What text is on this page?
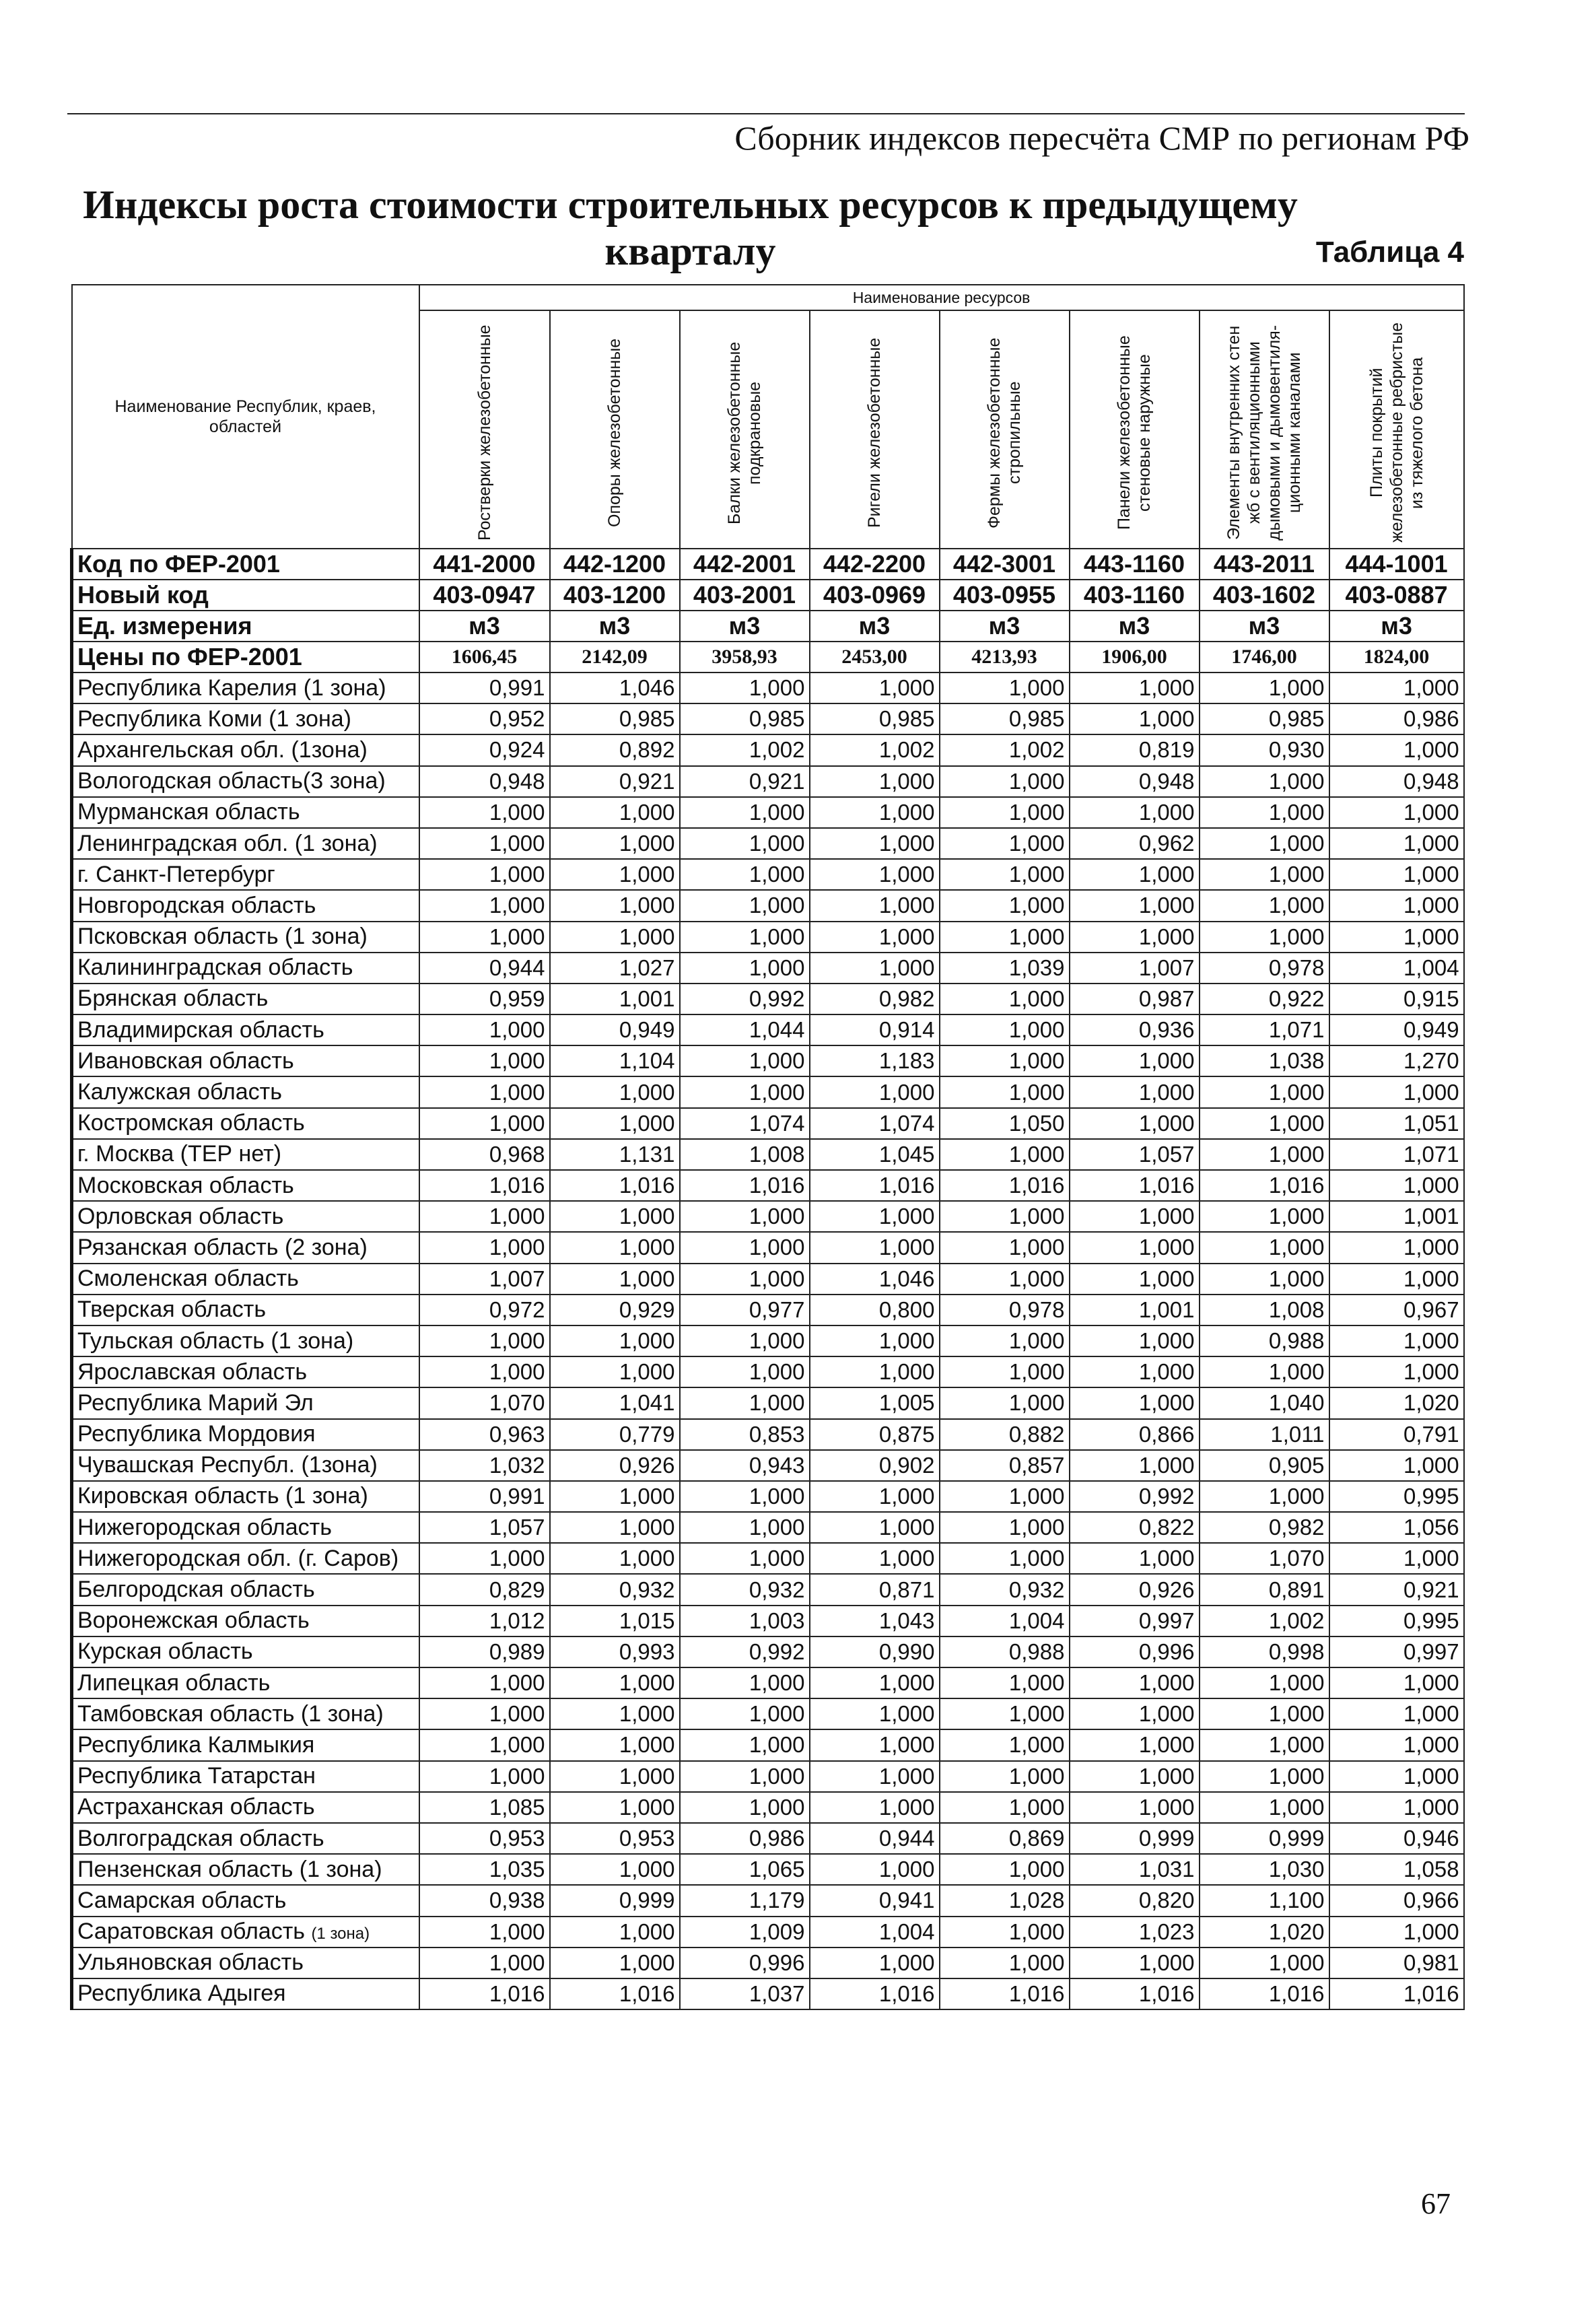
Сборник индексов пересчёта СМР по регионам РФ
Индексы роста стоимости строительных ресурсов к предыдущему кварталу	Таблица 4
Наименование Республик, краев, областей	Наименование ресурсов							

	Ростверки железобетонные	Опоры железобетонные	Балки железобетонные подкрановые	Ригели железобетонные	Фермы железобетонные стропильные	Панели железобетонные стеновые наружные	Элементы внутренних стен жб с вентиляционными дымовыми и дымовентиля-ционными каналами	Плиты покрытий железобетонные ребристые из тяжелого бетона

Код по ФЕР-2001	441-2000	442-1200	442-2001	442-2200	442-3001	443-1160	443-2011	444-1001
Новый код	403-0947	403-1200	403-2001	403-0969	403-0955	403-1160	403-1602	403-0887
Ед. измерения	м3	м3	м3	м3	м3	м3	м3	м3
Цены по ФЕР-2001	1606,45	2142,09	3958,93	2453,00	4213,93	1906,00	1746,00	1824,00
Республика Карелия (1 зона)	0,991	1,046	1,000	1,000	1,000	1,000	1,000	1,000
Республика Коми (1 зона)	0,952	0,985	0,985	0,985	0,985	1,000	0,985	0,986
Архангельская обл. (1зона)	0,924	0,892	1,002	1,002	1,002	0,819	0,930	1,000
Вологодская область(3 зона)	0,948	0,921	0,921	1,000	1,000	0,948	1,000	0,948
Мурманская область	1,000	1,000	1,000	1,000	1,000	1,000	1,000	1,000
Ленинградская обл. (1 зона)	1,000	1,000	1,000	1,000	1,000	0,962	1,000	1,000
г. Санкт-Петербург	1,000	1,000	1,000	1,000	1,000	1,000	1,000	1,000
Новгородская область	1,000	1,000	1,000	1,000	1,000	1,000	1,000	1,000
Псковская область (1 зона)	1,000	1,000	1,000	1,000	1,000	1,000	1,000	1,000
Калининградская область	0,944	1,027	1,000	1,000	1,039	1,007	0,978	1,004
Брянская область	0,959	1,001	0,992	0,982	1,000	0,987	0,922	0,915
Владимирская область	1,000	0,949	1,044	0,914	1,000	0,936	1,071	0,949
Ивановская область	1,000	1,104	1,000	1,183	1,000	1,000	1,038	1,270
Калужская область	1,000	1,000	1,000	1,000	1,000	1,000	1,000	1,000
Костромская область	1,000	1,000	1,074	1,074	1,050	1,000	1,000	1,051
г. Москва (ТЕР нет)	0,968	1,131	1,008	1,045	1,000	1,057	1,000	1,071
Московская область	1,016	1,016	1,016	1,016	1,016	1,016	1,016	1,000
Орловская область	1,000	1,000	1,000	1,000	1,000	1,000	1,000	1,001
Рязанская область (2 зона)	1,000	1,000	1,000	1,000	1,000	1,000	1,000	1,000
Смоленская область	1,007	1,000	1,000	1,046	1,000	1,000	1,000	1,000
Тверская область	0,972	0,929	0,977	0,800	0,978	1,001	1,008	0,967
Тульская область (1 зона)	1,000	1,000	1,000	1,000	1,000	1,000	0,988	1,000
Ярославская область	1,000	1,000	1,000	1,000	1,000	1,000	1,000	1,000
Республика Марий Эл	1,070	1,041	1,000	1,005	1,000	1,000	1,040	1,020
Республика Мордовия	0,963	0,779	0,853	0,875	0,882	0,866	1,011	0,791
Чувашская Республ. (1зона)	1,032	0,926	0,943	0,902	0,857	1,000	0,905	1,000
Кировская область (1 зона)	0,991	1,000	1,000	1,000	1,000	0,992	1,000	0,995
Нижегородская область	1,057	1,000	1,000	1,000	1,000	0,822	0,982	1,056
Нижегородская обл. (г. Саров)	1,000	1,000	1,000	1,000	1,000	1,000	1,070	1,000
Белгородская область	0,829	0,932	0,932	0,871	0,932	0,926	0,891	0,921
Воронежская область	1,012	1,015	1,003	1,043	1,004	0,997	1,002	0,995
Курская область	0,989	0,993	0,992	0,990	0,988	0,996	0,998	0,997
Липецкая область	1,000	1,000	1,000	1,000	1,000	1,000	1,000	1,000
Тамбовская область (1 зона)	1,000	1,000	1,000	1,000	1,000	1,000	1,000	1,000
Республика Калмыкия	1,000	1,000	1,000	1,000	1,000	1,000	1,000	1,000
Республика Татарстан	1,000	1,000	1,000	1,000	1,000	1,000	1,000	1,000
Астраханская область	1,085	1,000	1,000	1,000	1,000	1,000	1,000	1,000
Волгоградская область	0,953	0,953	0,986	0,944	0,869	0,999	0,999	0,946
Пензенская область (1 зона)	1,035	1,000	1,065	1,000	1,000	1,031	1,030	1,058
Самарская область	0,938	0,999	1,179	0,941	1,028	0,820	1,100	0,966
Саратовская область (1 зона)	1,000	1,000	1,009	1,004	1,000	1,023	1,020	1,000
Ульяновская область	1,000	1,000	0,996	1,000	1,000	1,000	1,000	0,981
Республика Адыгея	1,016	1,016	1,037	1,016	1,016	1,016	1,016	1,016
67
